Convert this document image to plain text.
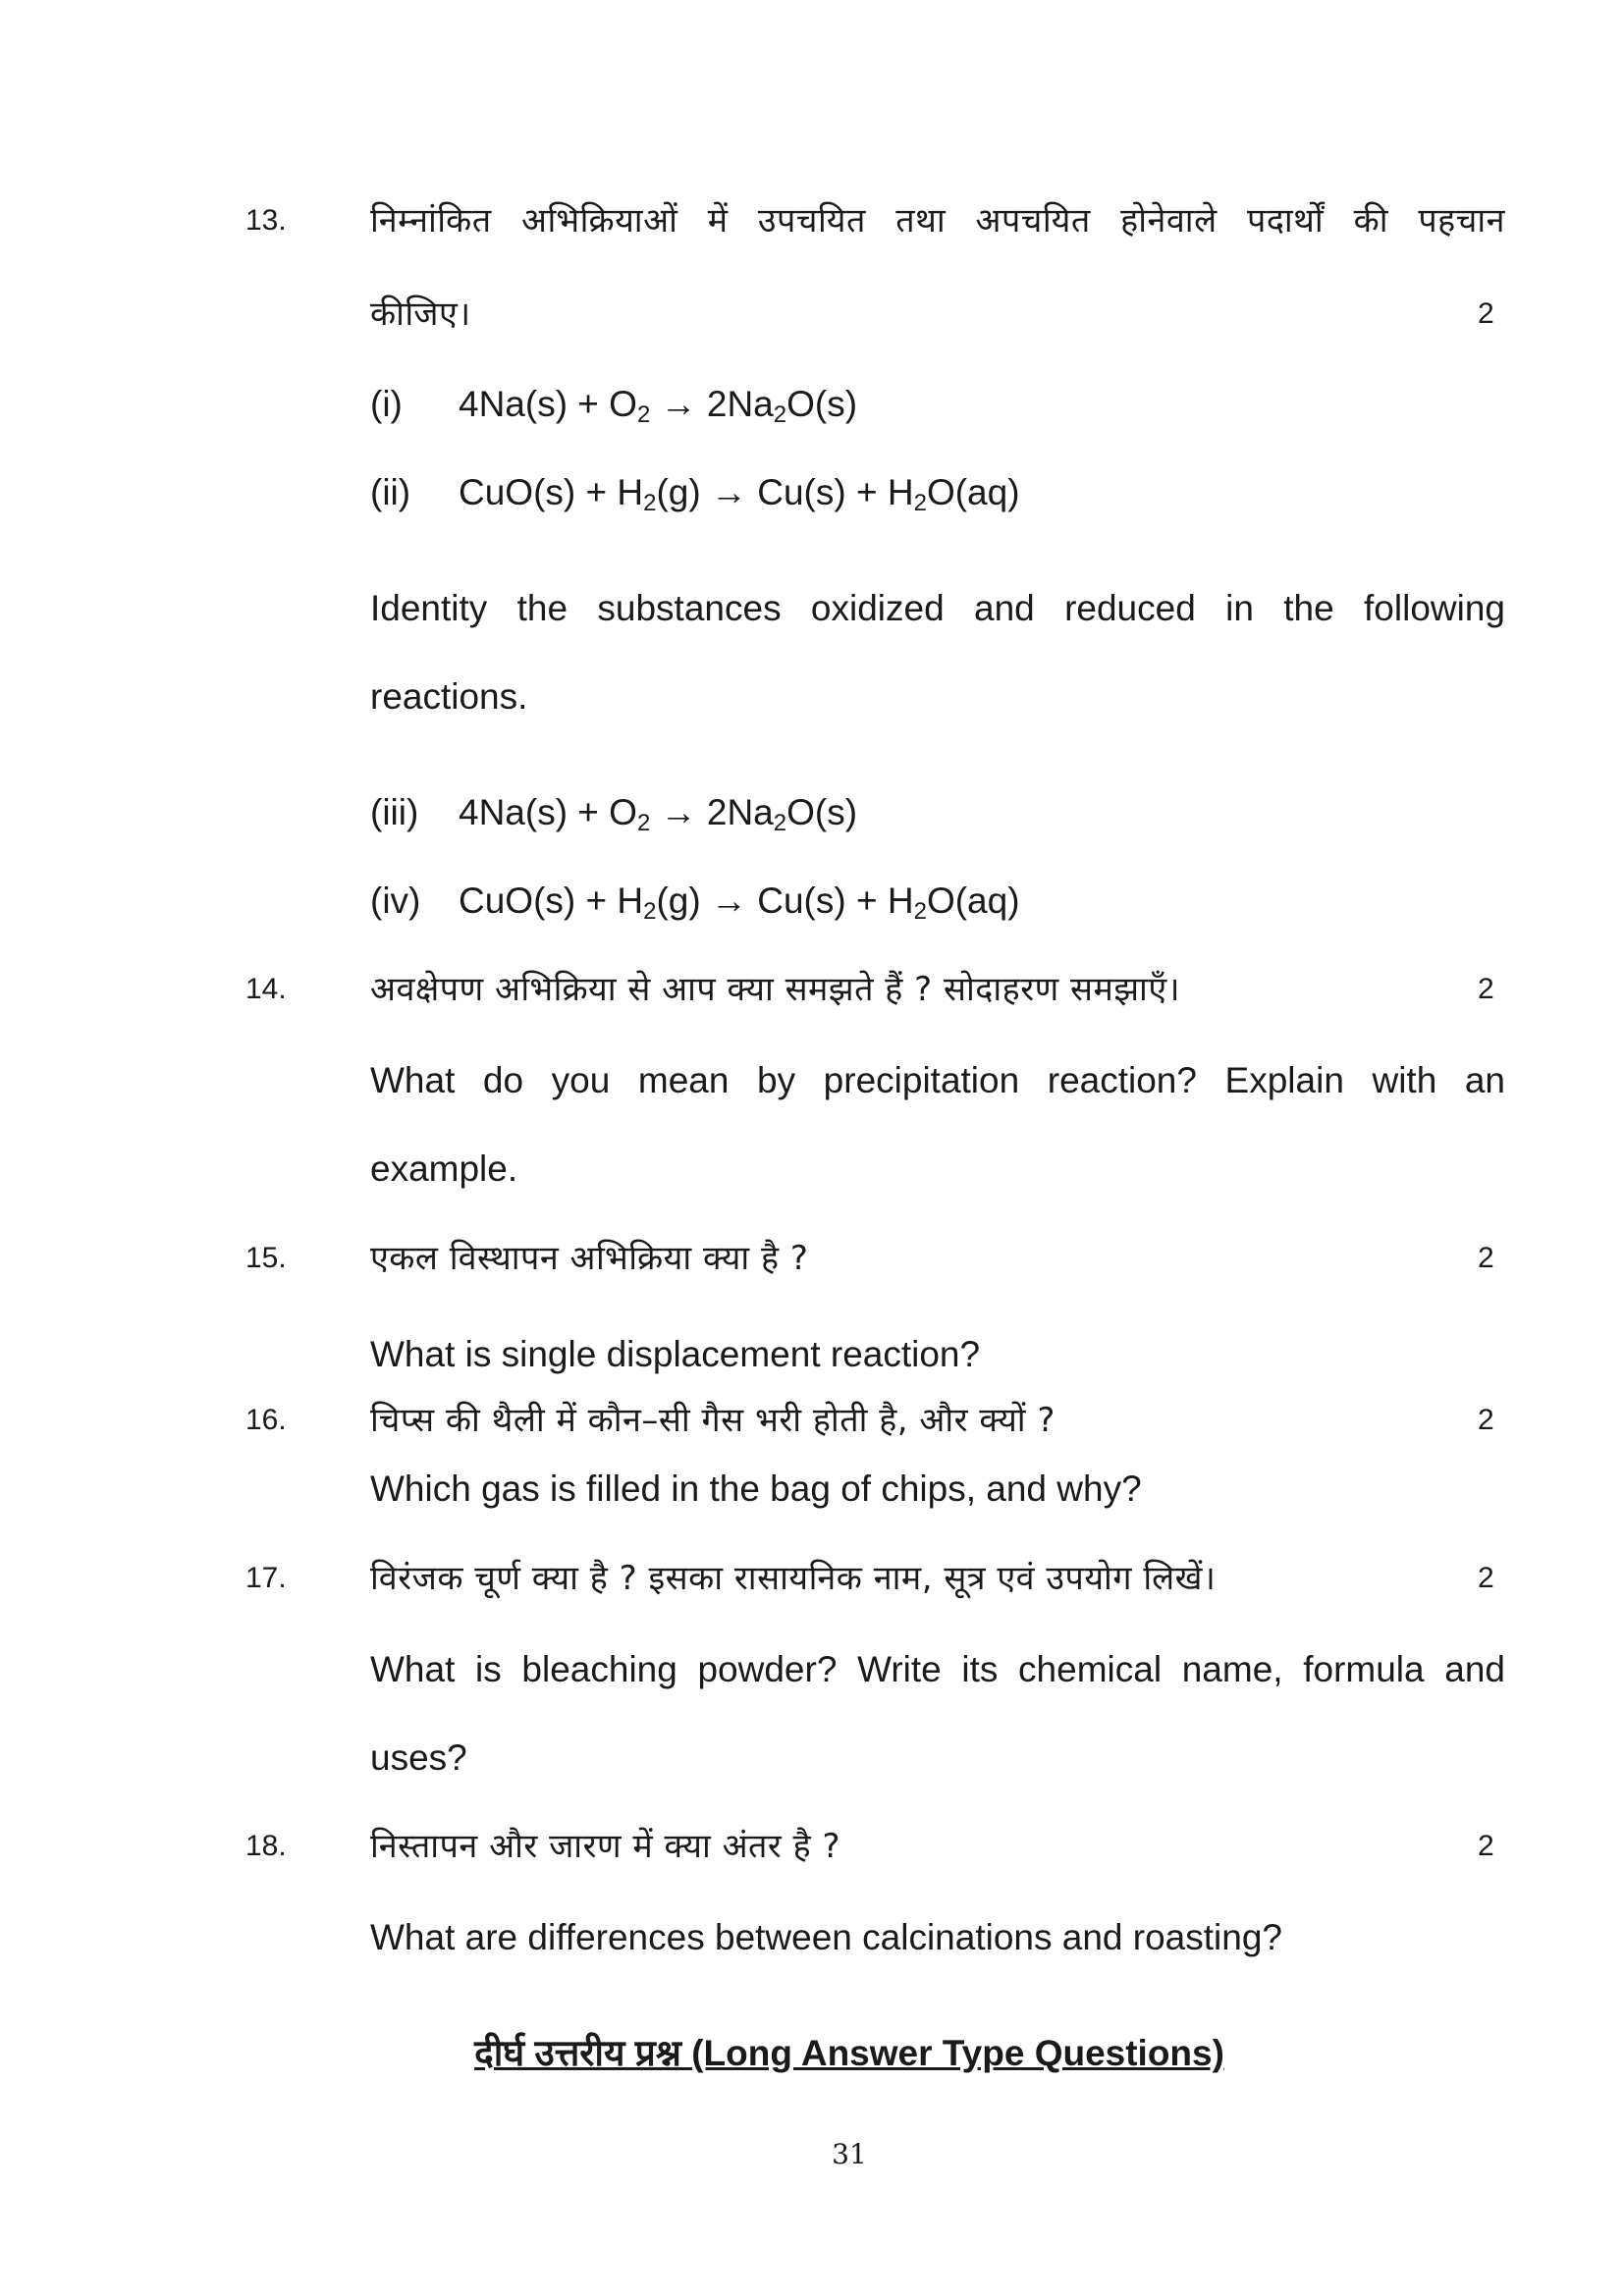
13.	निम्नांकित अभिक्रियाओं में उपचयित तथा अपचयित होनेवाले पदार्थों की पहचान
कीजिए।	2
(i) $4Na(s) + O_2 \to 2Na_2O(s)$
(ii) $CuO(s) + H_2(g) \to Cu(s) + H_2O(aq)$
Identity the substances oxidized and reduced in the following
reactions.
(iii) $4Na(s) + O_2 \to 2Na_2O(s)$
(iv) $CuO(s) + H_2(g) \to Cu(s) + H_2O(aq)$
14.	अवक्षेपण अभिक्रिया से आप क्या समझते हैं ? सोदाहरण समझाएँ।	2
What do you mean by precipitation reaction? Explain with an
example.
15.	एकल विस्थापन अभिक्रिया क्या है ?	2
What is single displacement reaction?
16.	चिप्स की थैली में कौन–सी गैस भरी होती है, और क्यों ?	2
Which gas is filled in the bag of chips, and why?
17.	विरंजक चूर्ण क्या है ? इसका रासायनिक नाम, सूत्र एवं उपयोग लिखें।	2
What is bleaching powder? Write its chemical name, formula and
uses?
18.	निस्तापन और जारण में क्या अंतर है ?	2
What are differences between calcinations and roasting?
दीर्घ उत्तरीय प्रश्न (Long Answer Type Questions)
31
